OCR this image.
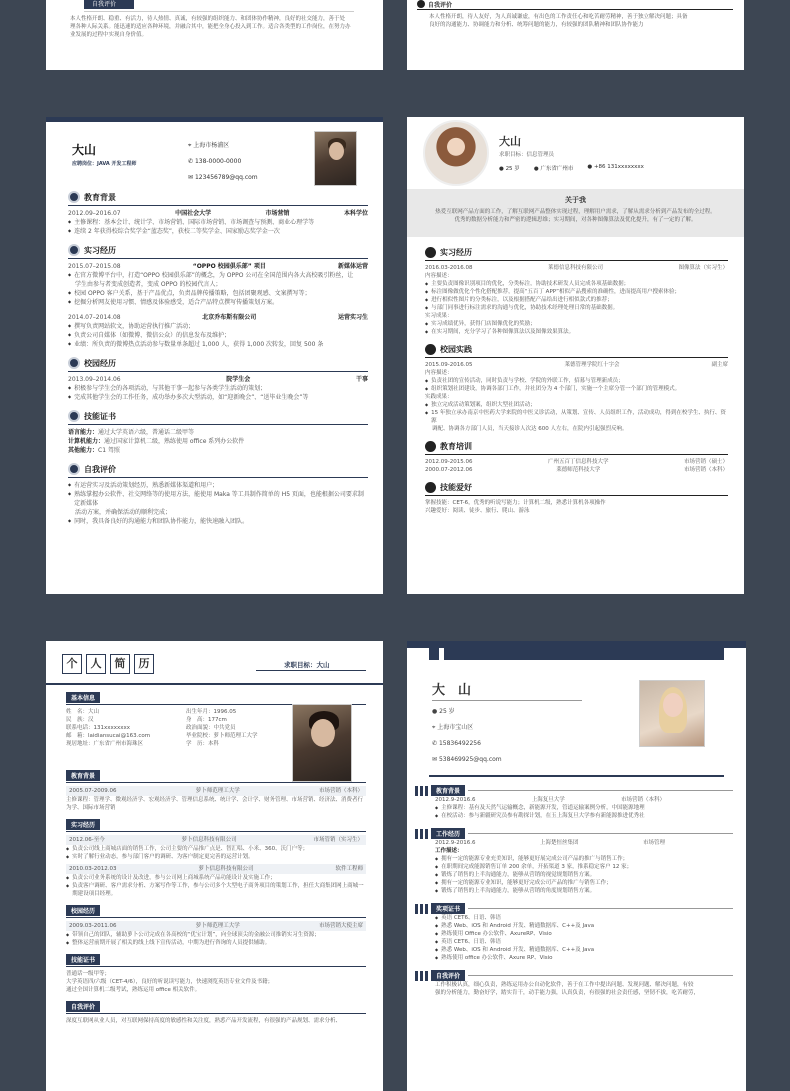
自我评价
本人性格开朗、稳重、有活力，待人热情、真诚，有较强的组织能力、和团体协作精神，良好的社交能力，善于处
理各种人际关系。能迅速的适应各种环境，并融合其中，能把全身心投入到工作。适合各类型的工作岗位，在努力办
业发展的过程中实现自身价值。
自我评价
本人性格开朗，待人友好，为人真诚谦虚，有出色的工作责任心和吃苦耐劳精神，善于独立解决问题；具备
良好的沟通能力、协调能力和分析、统筹问题的能力，有较强的团队精神和团队协作能力
大山
应聘岗位：JAVA 开发工程师
⌖ 上海市杨浦区
✆ 138-0000-0000
✉ 123456789@qq.com
教育背景
2012.09–2016.07	中国社会大学	市场营销	本科学位
◆ 主修课程：基本会计、统计学、市场营销、国际市场营销、市场调查与预测、商业心理学等
◆ 连续 2 年获得校综合奖学金“蓝态奖”，获校二等奖学金、国家励志奖学金一次
实习经历
2015.07–2015.08	“OPPO 校园俱乐部” 项目	新媒体运营
◆ 在官方微博平台中，打造“OPPO 校园俱乐部”的概念，为 OPPO 公司在全国范围内各大高校吸引粉丝，让
学生由参与者变成创造者，变成 OPPO 的校园代言人；
◆ 校园 OPPO 客户关系，基于产品优点，负责品牌传播策略，包括团聚观感、文案撰写等；
◆ 挖掘分析网友使用习惯、情感及体验感受，适合产品特点撰写传播策划方案。
2014.07–2014.08	北京乔布斯有限公司	运营实习生
◆ 撰写负责网站软文，协助运营执行推广活动；
◆ 负责公司自媒体（如微博、微信公众）的信息发布及维护；
◆ 业绩：所负责的微博热点活动参与数量单条超过 1,000 人，获得 1,000 次转发，回复 500 条
校园经历
2013.09–2014.06	院学生会	干事
◆ 积极参与学生会的各项活动，与其他干事一起参与各类学生活动的策划；
◆ 完成其他学生会的工作任务，成功举办多次大型活动，如“迎新晚会”、“送毕业生晚会”等
技能证书
语言能力：通过大学英语六级，普通话二级甲等
计算机能力：通过国家计算机二级，熟练使用 office 系列办公软件
其他能力：C1 驾照
自我评价
◆ 有运营实习及活动策划经历，熟悉新媒体渠道和用户；
◆ 熟练掌握办公软件、社交网络等的使用方法，能使用 Maka 等工具制作简单的 H5 页面，也能根据公司要求制定新媒体
活动方案，并确保活动的顺利完成；
◆ 同时，我具备良好的沟通能力和团队协作能力，能快速融入团队。
大山
求职目标：信息管理员
● 25 岁	● 广东省广州市	● +86 131xxxxxxxx
关于我
热爱互联网产品方面的工作，了解互联网产品整体实现过程，理解用户需求，了解从需求分析到产品发布的全过程。
优秀的数据分析能力和严密的逻辑思维；实习期间，对各种图像算法及优化提升，有了一定的了解。
实习经历
2016.03-2016.08	莱德信息科技有限公司	图像算法（实习生）
内容描述：
◆ 主要负责图像识别项目的优化，分类标注，协助技术研发人员完成各项基础数据；
◆ 标注图像做优化个性化搭配推荐，提高“五百丁 APP”相似产品搜索的准确性，进而提高用户搜索体验；
◆ 进行相似性图片的分类标注，以及根据搭配产品给出进行相似款式的推荐；
◆ 与部门同事进行标注需求的沟通与优化，协助技术经理处理日常的基础数据。
实习成果：
◆ 实习成绩优异，获得门店图像优化的奖励；
◆ 在实习期间，充分学习了各种图像算法以及图像效果算法。
校园实践
2015.09-2016.05	莱德管理学院红十字会	副主席
内容描述：
◆ 负责社团的宣传活动，同时负责与学校、学院的外联工作，招募与管理新成员；
◆ 组织策划社团建设，协调各部门工作，并社团分为 4 个部门，实施一个主席分管一个部门的管理模式。
实践成果：
◆ 独立完成活动策划案，组织大型社团活动；
◆ 15 年独立承办南京中医药大学来院的中医义诊活动，从策划、宣传、人员组织工作，活动成功，得到在校学生、执行、资源
调配、协调各方部门人员，当天接诊人次达 600 人左右，在院内引起强烈反响。
教育培训
2012.09-2015.06	广州五百丁信息科技大学	市场营销（硕士）
2000.07-2012.06	莱德师范科技大学	市场营销（本科）
技能爱好
掌握技能：CET-6，优秀的听说写能力；计算机二级，熟悉计算机各项操作
兴趣爱好：阅读、徒步、旅行、爬山、游泳
个	人	简	历	求职目标：大山
基本信息
姓　名：大山	出生年月：1996.05
民　族：汉	身　高：177cm
联系电话：131xxxxxxxx	政治面貌：中共党员
邮　箱：laidiansucai@163.com	毕业院校：萝卜师范理工大学
现居地址：广东省广州市海珠区	学　历：本科
教育背景
2005.07-2009.06	萝卜师范理工大学	市场营销（本科）
主修课程：管理学、微观经济学、宏观经济学、管理信息系统、统计学、会计学、财务管理、市场营销、经济法、消费者行为学、国际市场营销
实习经历
2012.06-至今	萝卜信息科技有限公司	市场管销（实习生）
◆ 负责公司线上商城店面的销售工作，公司主要的产品推广点是、智汇唱、小米、360、沃门户等；
◆ 实时了解行业动态，参与部门客户的调研、为客户制定更完善的运营计划。
2010.03-2012.03	萝卜信息科技有限公司	软件工程师
◆ 负责公司业务系统的设计及改进，参与公司网上商城系统产品功能设计及实施工作；
◆ 负责客户调研、客户需求分析、方案写作等工作，参与公司多个大型电子商务项目的策划工作，担任大商集团网上商城一期建设项目经理。
校园经历
2009.03-2011.06	萝卜师范理工大学	市场营销大使主席
◆ 带领自己的团队，辅助萝卜公司完成在各高校的“优宝计划”，向全球顶尖的金融公司推销实习生资源；
◆ 整体运营前期开展了相关的线上线下宣传活动，中期为进行咨询的人员提供辅助。
技能证书
普通话一级甲等；
大学英语四/六级（CET-4/6），良好的听说读写能力，快速浏览英语专业文件及书籍；
通过全国计算机二级考试，熟练运用 office 相关软件。
自我评价
深度互联网从业人员，对互联网保持高度的敏感性和关注度，熟悉产品开发流程，有很强的产品规划、需求分析、
大　山
● 25 岁
⌖ 上海市宝山区
✆ 15836492256
✉ 538469925@qq.com
教育背景
2012.9-2016.6	上海复旦大学	市场营销（本科）
◆ 主修课程：基有及天然气运输概念，新能源开发，管道运输案例分析，中国能源地理
◆ 在校活动：参与新疆研究员参有勘探计划，在玉上海复旦大学参有新能源推进优秀社
工作经历
2012.9-2016.6	上海楚恒丝集团	市场管理
工作描述：
◆ 拥有一定的能源专业充美知识，能够更好展完成公司产品的推广与销售工作；
◆ 在职期间完成能源销售订单 200 余单，开拓渠道 3 家，推系稳定客户 12 家；
◆ 锻炼了销售的上半沟通能力，能够从营销的视觉规划销售方案。
◆ 拥有一定的能源专业知识，能够更好完成公司产品的推广与销售工作；
◆ 锻炼了销售的上半沟通能力，能够从营销的角度规划销售方案。
奖项证书
◆ 英语 CET6、日语、韩语
◆ 熟悉 Web、iOS 和 Android 开发、精通数据库、C++及 Java
◆ 熟练使用 Office 办公软件、AxureRP、Visio
◆ 英语 CET6、日语、韩语
◆ 熟悉 Web、iOS 和 Android 开发、精通数据库、C++及 Java
◆ 熟练使用 office 办公软件、Axure RP、Visio
自我评价
工作积极认真，细心负责，熟练运用办公自动化软件，善于在工作中提出问题、发现问题、解决问题，有较
强的分析能力，勤奋好学，踏实肯干，动手能力强，认真负责，有很强的社会责任感，坚韧不拔，吃苦耐劳，
